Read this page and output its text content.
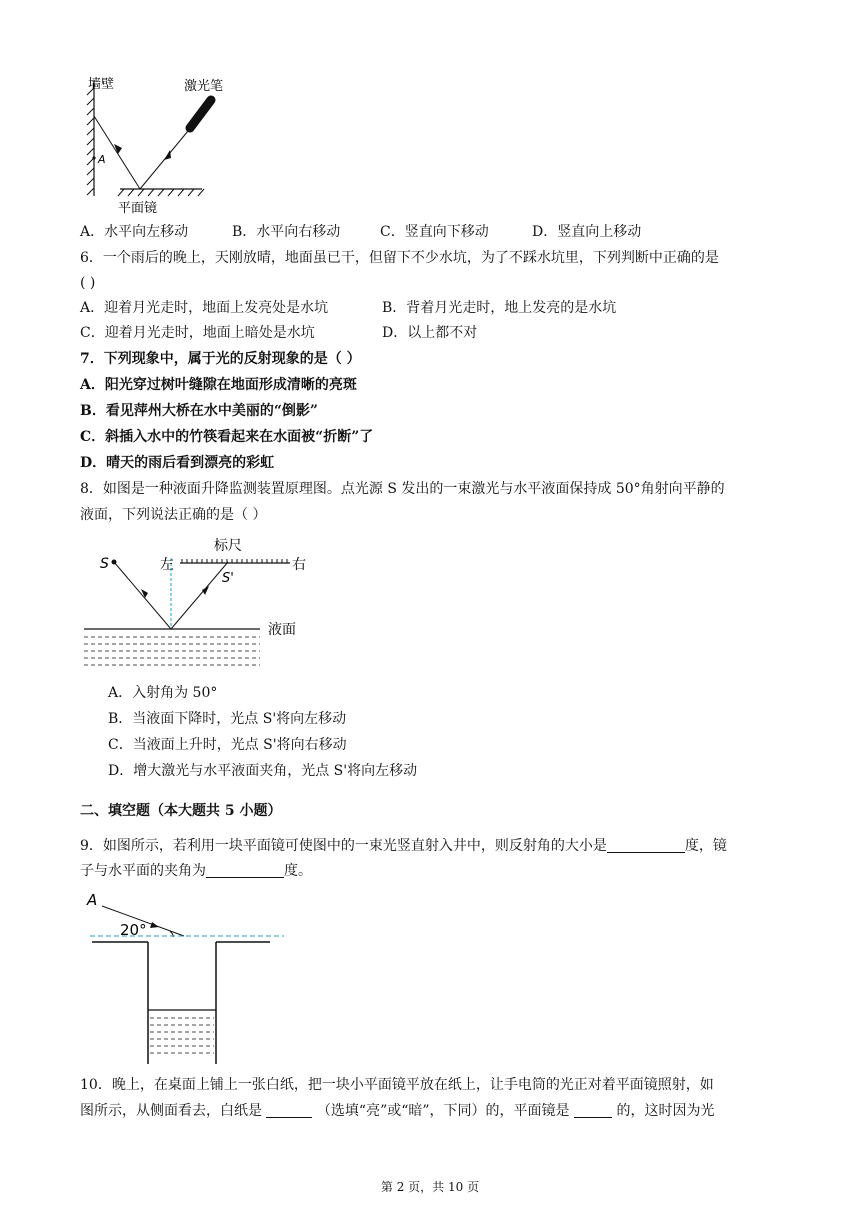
墙壁	激光笔
A
平面镜
A．水平向左移动	B．水平向右移动	C．竖直向下移动	D．竖直向上移动
6．一个雨后的晚上，天刚放晴，地面虽已干，但留下不少水坑，为了不踩水坑里，下列判断中正确的是
( )
A．迎着月光走时，地面上发亮处是水坑	B．背着月光走时，地上发亮的是水坑
C．迎着月光走时，地面上暗处是水坑	D．以上都不对
7．下列现象中，属于光的反射现象的是（ ）
A．阳光穿过树叶缝隙在地面形成清晰的亮斑
B．看见萍州大桥在水中美丽的“倒影”
C．斜插入水中的竹筷看起来在水面被“折断”了
D．晴天的雨后看到漂亮的彩虹
8．如图是一种液面升降监测装置原理图。点光源 S 发出的一束激光与水平液面保持成 50°角射向平静的
液面，下列说法正确的是（ ）
S	左
标尺
S'
右
液面
A．入射角为 50°
B．当液面下降时，光点 S'将向左移动
C．当液面上升时，光点 S'将向右移动
D．增大激光与水平液面夹角，光点 S'将向左移动
二、填空题（本大题共 5 小题）
9．如图所示，若利用一块平面镜可使图中的一束光竖直射入井中，则反射角的大小是	度，镜
子与水平面的夹角为	度。
A
20°
10．晚上，在桌面上铺上一张白纸，把一块小平面镜平放在纸上，让手电筒的光正对着平面镜照射，如
图所示，从侧面看去，白纸是	（选填“亮”或“暗”，下同）的，平面镜是	的，这时因为光
第 2 页，共 10 页
